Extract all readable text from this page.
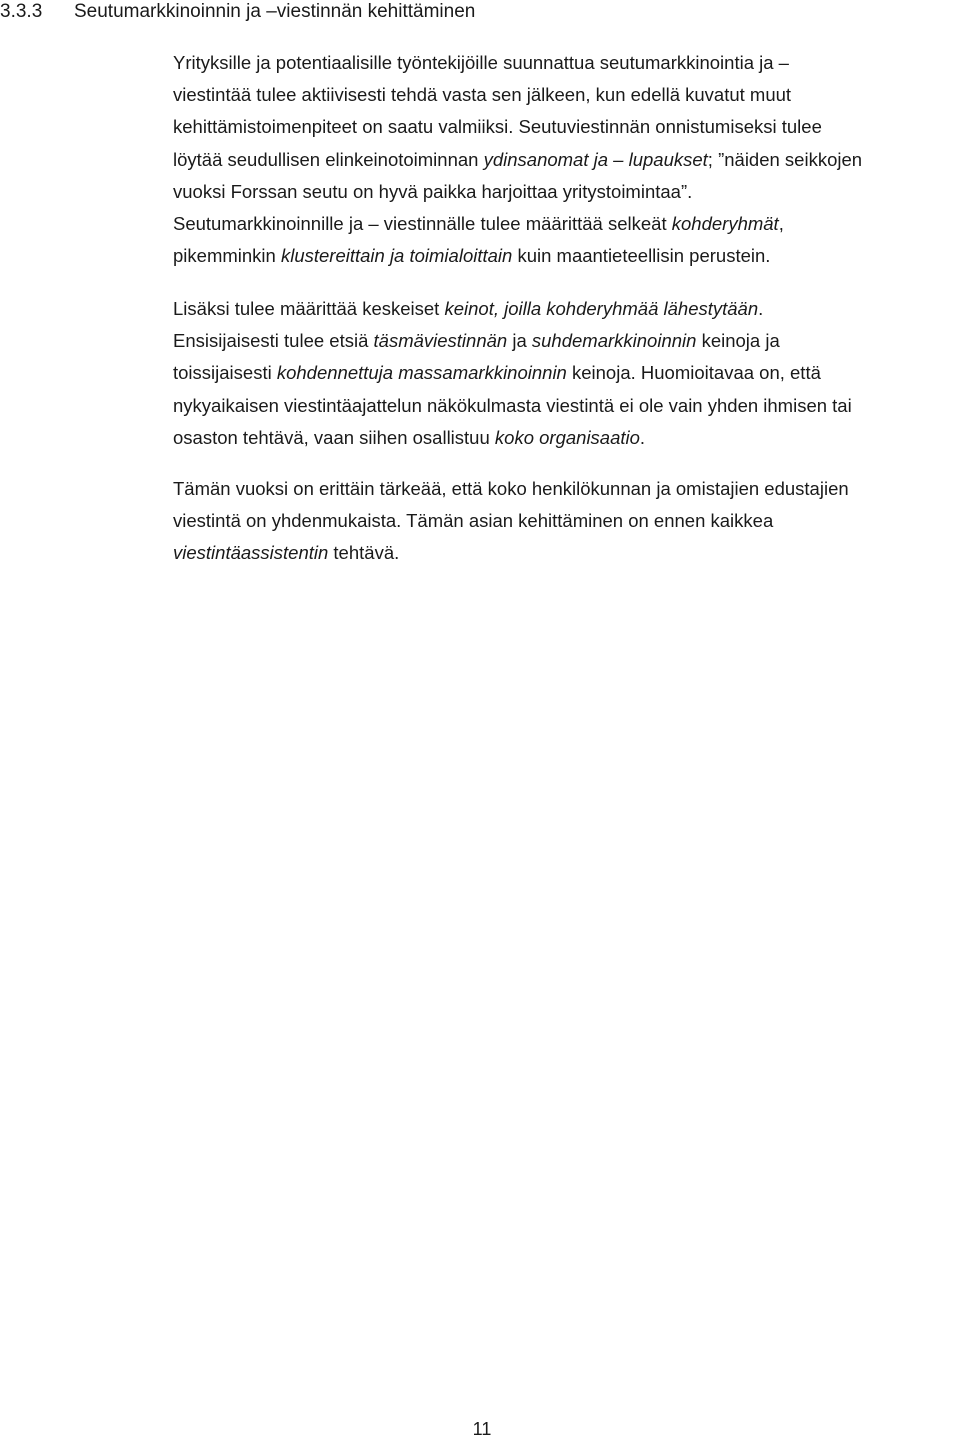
3.3.3 Seutumarkkinoinnin ja –viestinnän kehittäminen
Yrityksille ja potentiaalisille työntekijöille suunnattua seutumarkkinointia ja –
viestintää tulee aktiivisesti tehdä vasta sen jälkeen, kun edellä kuvatut muut
kehittämistoimenpiteet on saatu valmiiksi. Seutuviestinnän onnistumiseksi tulee
löytää seudullisen elinkeinotoiminnan ydinsanomat ja – lupaukset; ”näiden seikkojen
vuoksi Forssan seutu on hyvä paikka harjoittaa yritystoimintaa”.
Seutumarkkinoinnille ja – viestinnälle tulee määrittää selkeät kohderyhmät,
pikemminkin klustereittain ja toimialoittain kuin maantieteellisin perustein.
Lisäksi tulee määrittää keskeiset keinot, joilla kohderyhmää lähestytään.
Ensisijaisesti tulee etsiä täsmäviestinnän ja suhdemarkkinoinnin keinoja ja
toissijaisesti kohdennettuja massamarkkinoinnin keinoja. Huomioitavaa on, että
nykyaikaisen viestintäajattelun näkökulmasta viestintä ei ole vain yhden ihmisen tai
osaston tehtävä, vaan siihen osallistuu koko organisaatio.
Tämän vuoksi on erittäin tärkeää, että koko henkilökunnan ja omistajien edustajien
viestintä on yhdenmukaista. Tämän asian kehittäminen on ennen kaikkea
viestintäassistentin tehtävä.
11
